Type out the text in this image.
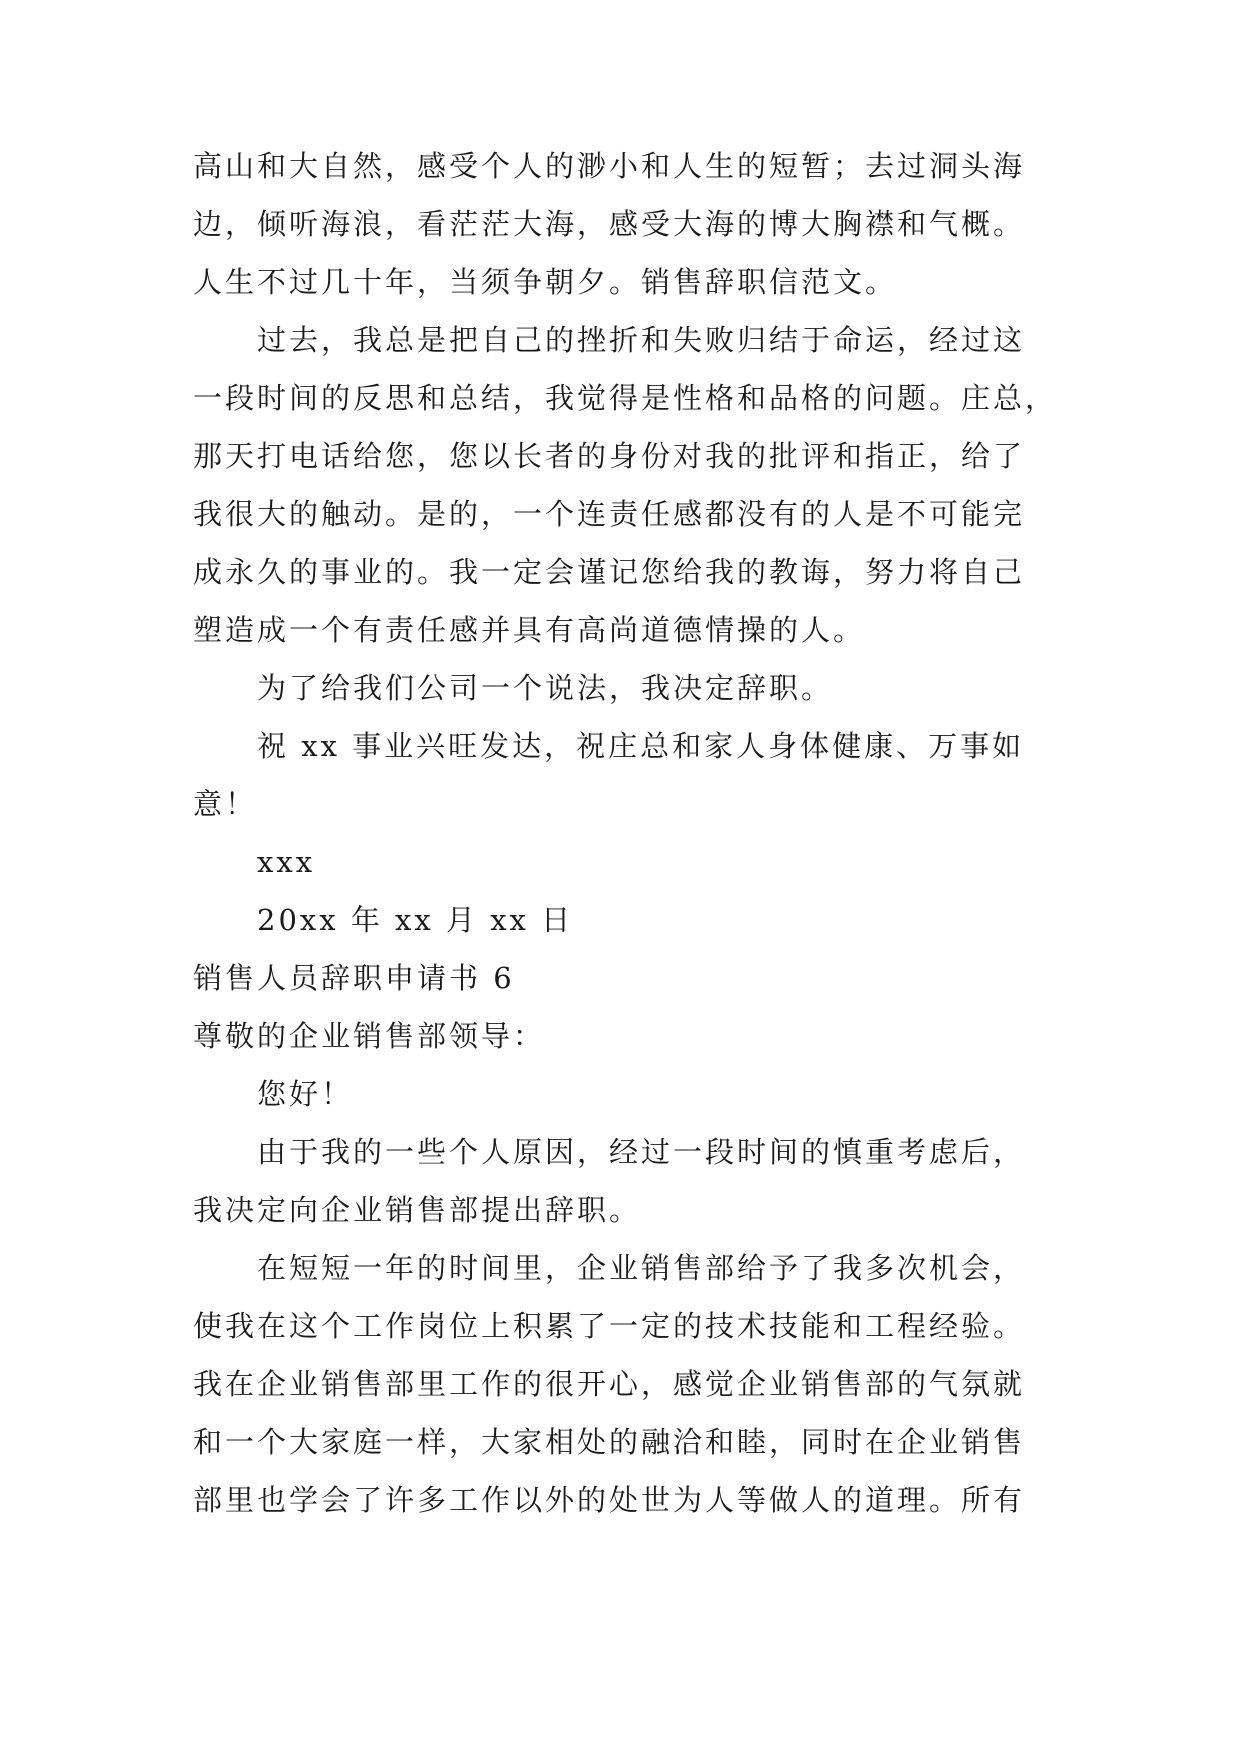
高山和大自然，感受个人的渺小和人生的短暂；去过洞头海
边，倾听海浪，看茫茫大海，感受大海的博大胸襟和气概。
人生不过几十年，当须争朝夕。销售辞职信范文。
过去，我总是把自己的挫折和失败归结于命运，经过这
一段时间的反思和总结，我觉得是性格和品格的问题。庄总，
那天打电话给您，您以长者的身份对我的批评和指正，给了
我很大的触动。是的，一个连责任感都没有的人是不可能完
成永久的事业的。我一定会谨记您给我的教诲，努力将自己
塑造成一个有责任感并具有高尚道德情操的人。
为了给我们公司一个说法，我决定辞职。
祝 xx 事业兴旺发达，祝庄总和家人身体健康、万事如
意！
xxx
20xx 年 xx 月 xx 日
销售人员辞职申请书 6
尊敬的企业销售部领导：
您好！
由于我的一些个人原因，经过一段时间的慎重考虑后，
我决定向企业销售部提出辞职。
在短短一年的时间里，企业销售部给予了我多次机会，
使我在这个工作岗位上积累了一定的技术技能和工程经验。
我在企业销售部里工作的很开心，感觉企业销售部的气氛就
和一个大家庭一样，大家相处的融洽和睦，同时在企业销售
部里也学会了许多工作以外的处世为人等做人的道理。所有
